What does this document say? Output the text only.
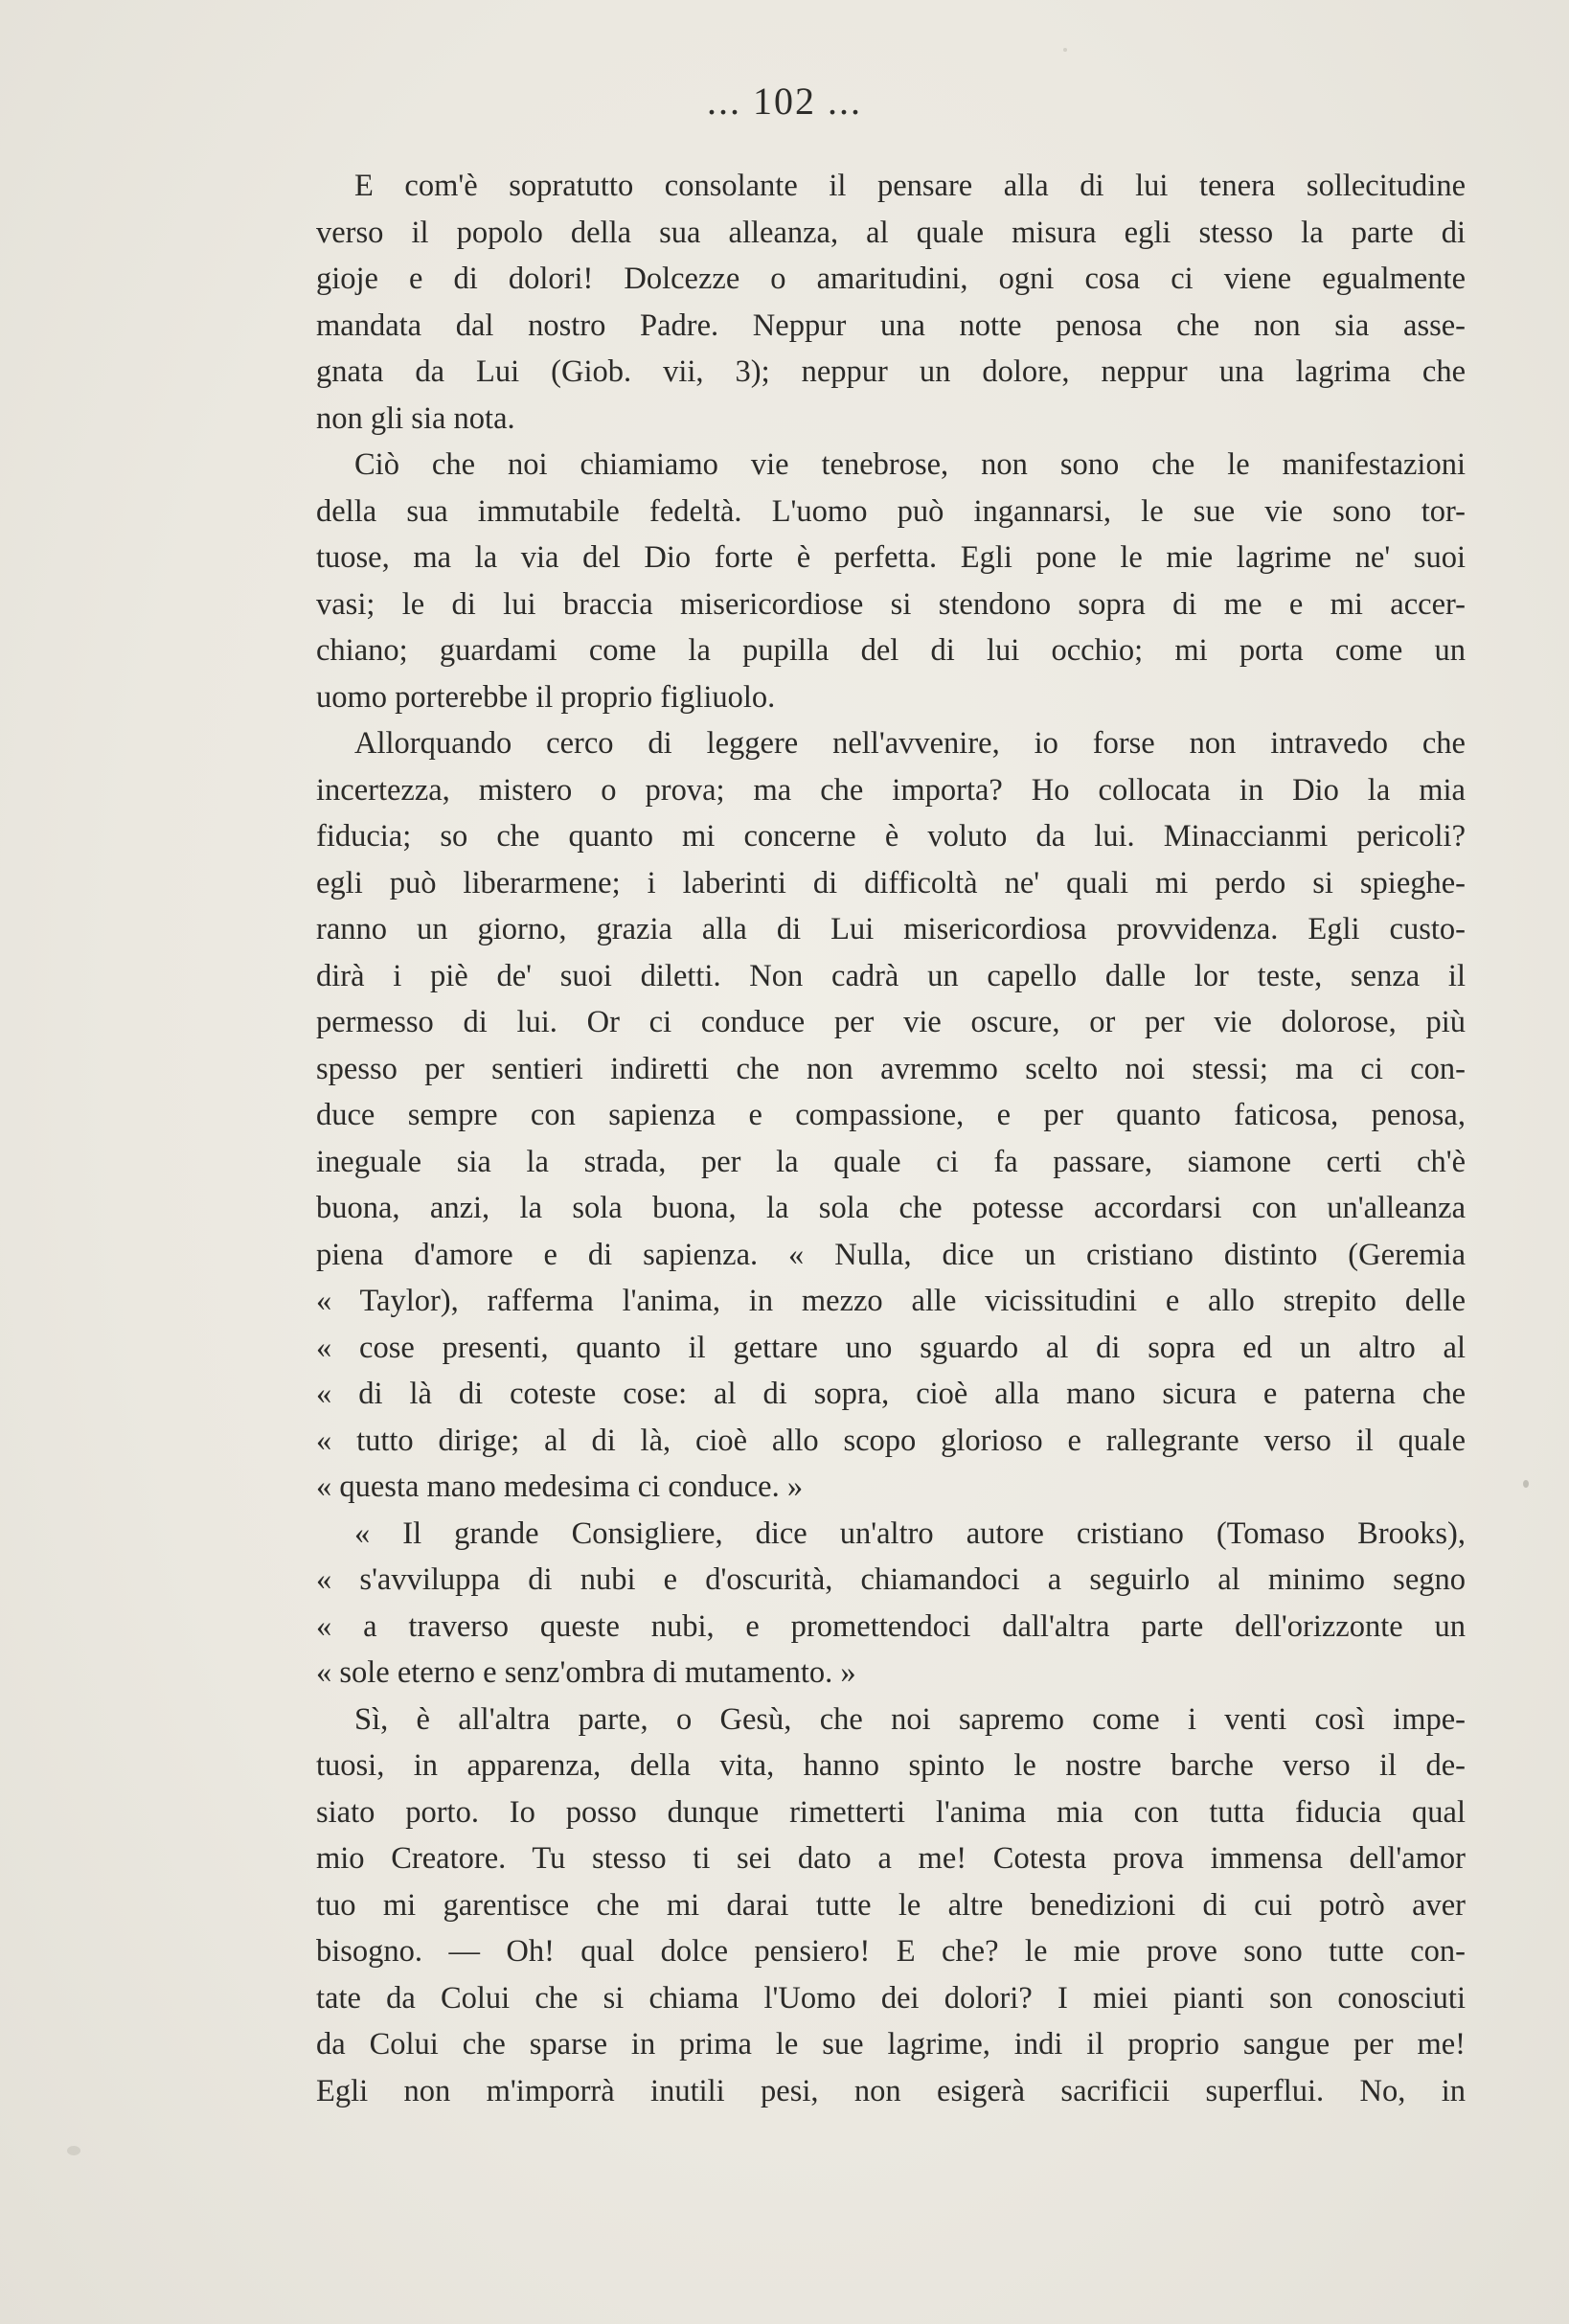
... 102 ...
E com'è sopratutto consolante il pensare alla di lui tenera sollecitudine
verso il popolo della sua alleanza, al quale misura egli stesso la parte di
gioje e di dolori! Dolcezze o amaritudini, ogni cosa ci viene egualmente
mandata dal nostro Padre. Neppur una notte penosa che non sia asse-
gnata da Lui (Giob. vii, 3); neppur un dolore, neppur una lagrima che
non gli sia nota.
Ciò che noi chiamiamo vie tenebrose, non sono che le manifestazioni
della sua immutabile fedeltà. L'uomo può ingannarsi, le sue vie sono tor-
tuose, ma la via del Dio forte è perfetta. Egli pone le mie lagrime ne' suoi
vasi; le di lui braccia misericordiose si stendono sopra di me e mi accer-
chiano; guardami come la pupilla del di lui occhio; mi porta come un
uomo porterebbe il proprio figliuolo.
Allorquando cerco di leggere nell'avvenire, io forse non intravedo che
incertezza, mistero o prova; ma che importa? Ho collocata in Dio la mia
fiducia; so che quanto mi concerne è voluto da lui. Minaccianmi pericoli?
egli può liberarmene; i laberinti di difficoltà ne' quali mi perdo si spieghe-
ranno un giorno, grazia alla di Lui misericordiosa provvidenza. Egli custo-
dirà i piè de' suoi diletti. Non cadrà un capello dalle lor teste, senza il
permesso di lui. Or ci conduce per vie oscure, or per vie dolorose, più
spesso per sentieri indiretti che non avremmo scelto noi stessi; ma ci con-
duce sempre con sapienza e compassione, e per quanto faticosa, penosa,
ineguale sia la strada, per la quale ci fa passare, siamone certi ch'è
buona, anzi, la sola buona, la sola che potesse accordarsi con un'alleanza
piena d'amore e di sapienza. « Nulla, dice un cristiano distinto (Geremia
« Taylor), rafferma l'anima, in mezzo alle vicissitudini e allo strepito delle
« cose presenti, quanto il gettare uno sguardo al di sopra ed un altro al
« di là di coteste cose: al di sopra, cioè alla mano sicura e paterna che
« tutto dirige; al di là, cioè allo scopo glorioso e rallegrante verso il quale
« questa mano medesima ci conduce. »
« Il grande Consigliere, dice un'altro autore cristiano (Tomaso Brooks),
« s'avviluppa di nubi e d'oscurità, chiamandoci a seguirlo al minimo segno
« a traverso queste nubi, e promettendoci dall'altra parte dell'orizzonte un
« sole eterno e senz'ombra di mutamento. »
Sì, è all'altra parte, o Gesù, che noi sapremo come i venti così impe-
tuosi, in apparenza, della vita, hanno spinto le nostre barche verso il de-
siato porto. Io posso dunque rimetterti l'anima mia con tutta fiducia qual
mio Creatore. Tu stesso ti sei dato a me! Cotesta prova immensa dell'amor
tuo mi garentisce che mi darai tutte le altre benedizioni di cui potrò aver
bisogno. — Oh! qual dolce pensiero! E che? le mie prove sono tutte con-
tate da Colui che si chiama l'Uomo dei dolori? I miei pianti son conosciuti
da Colui che sparse in prima le sue lagrime, indi il proprio sangue per me!
Egli non m'imporrà inutili pesi, non esigerà sacrificii superflui. No, in
